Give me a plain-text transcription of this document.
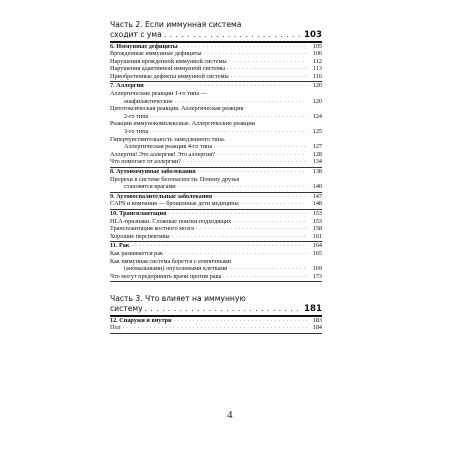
Часть 2.
Если иммунная система
сходит с ума . . .	103
6. Иммунные дефициты . . .	105
Врожденные иммунные дефициты . . .	106
Нарушения врожденной иммунной системы . . .	112
Нарушения адаптивной иммунной системы . . .	113
Приобретенные дефекты иммунной системы . . .	116
7. Аллергии . . .	120
Аллергические реакции 1-го типа —
анафилактические . . .	120
Цитотоксическая реакция. Аллергическая реакция
2-го типа . . .	124
Реакции иммунокомплексные. Аллергические реакции
3-го типа . . .	125
Гиперчувствительность замедленного типа.
Аллергическая реакция 4-го типа . . .	127
Аллергия! Это аллергия! Это аллергия? . . .	128
Что помогает от аллергии? . . .	134
8. Аутоиммунные заболевания . . .	138
Прорехи в системе безопасности. Почему друзья
становятся врагами . . .	140
9. Аутовоспалительные заболевания . . .	147
CAPS и компания — брошенные дети медицины . . .	148
10. Трансплантация . . .	153
HLA-признаки. Сложные поиски подходящих . . .	153
Трансплантация костного мозга . . .	158
Хорошие перспективы . . .	161
11. Рак . . .	164
Как развивается рак . . .	165
Как иммунная система борется с атипичными
(аномальными) опухолевыми клетками . . .	169
Что могут предпринять врачи против рака . . .	173
Часть 3.
Что влияет на иммунную
систему . . .	181
12. Снаружи и внутри . . .	183
Пол . . .	184
4
